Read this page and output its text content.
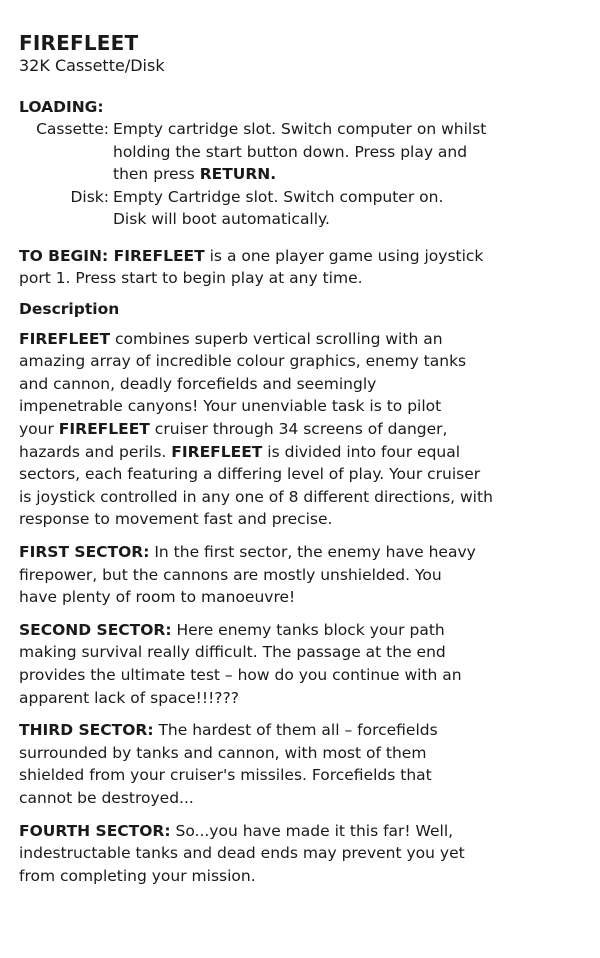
FIREFLEET
32K Cassette/Disk
LOADING:
Cassette: Empty cartridge slot. Switch computer on whilst
holding the start button down. Press play and
then press RETURN.
Disk: Empty Cartridge slot. Switch computer on.
Disk will boot automatically.
TO BEGIN: FIREFLEET is a one player game using joystick
port 1. Press start to begin play at any time.
Description
FIREFLEET combines superb vertical scrolling with an
amazing array of incredible colour graphics, enemy tanks
and cannon, deadly forcefields and seemingly
impenetrable canyons! Your unenviable task is to pilot
your FIREFLEET cruiser through 34 screens of danger,
hazards and perils. FIREFLEET is divided into four equal
sectors, each featuring a differing level of play. Your cruiser
is joystick controlled in any one of 8 different directions, with
response to movement fast and precise.
FIRST SECTOR: In the first sector, the enemy have heavy
firepower, but the cannons are mostly unshielded. You
have plenty of room to manoeuvre!
SECOND SECTOR: Here enemy tanks block your path
making survival really difficult. The passage at the end
provides the ultimate test – how do you continue with an
apparent lack of space!!!???
THIRD SECTOR: The hardest of them all – forcefields
surrounded by tanks and cannon, with most of them
shielded from your cruiser's missiles. Forcefields that
cannot be destroyed...
FOURTH SECTOR: So...you have made it this far! Well,
indestructable tanks and dead ends may prevent you yet
from completing your mission.
